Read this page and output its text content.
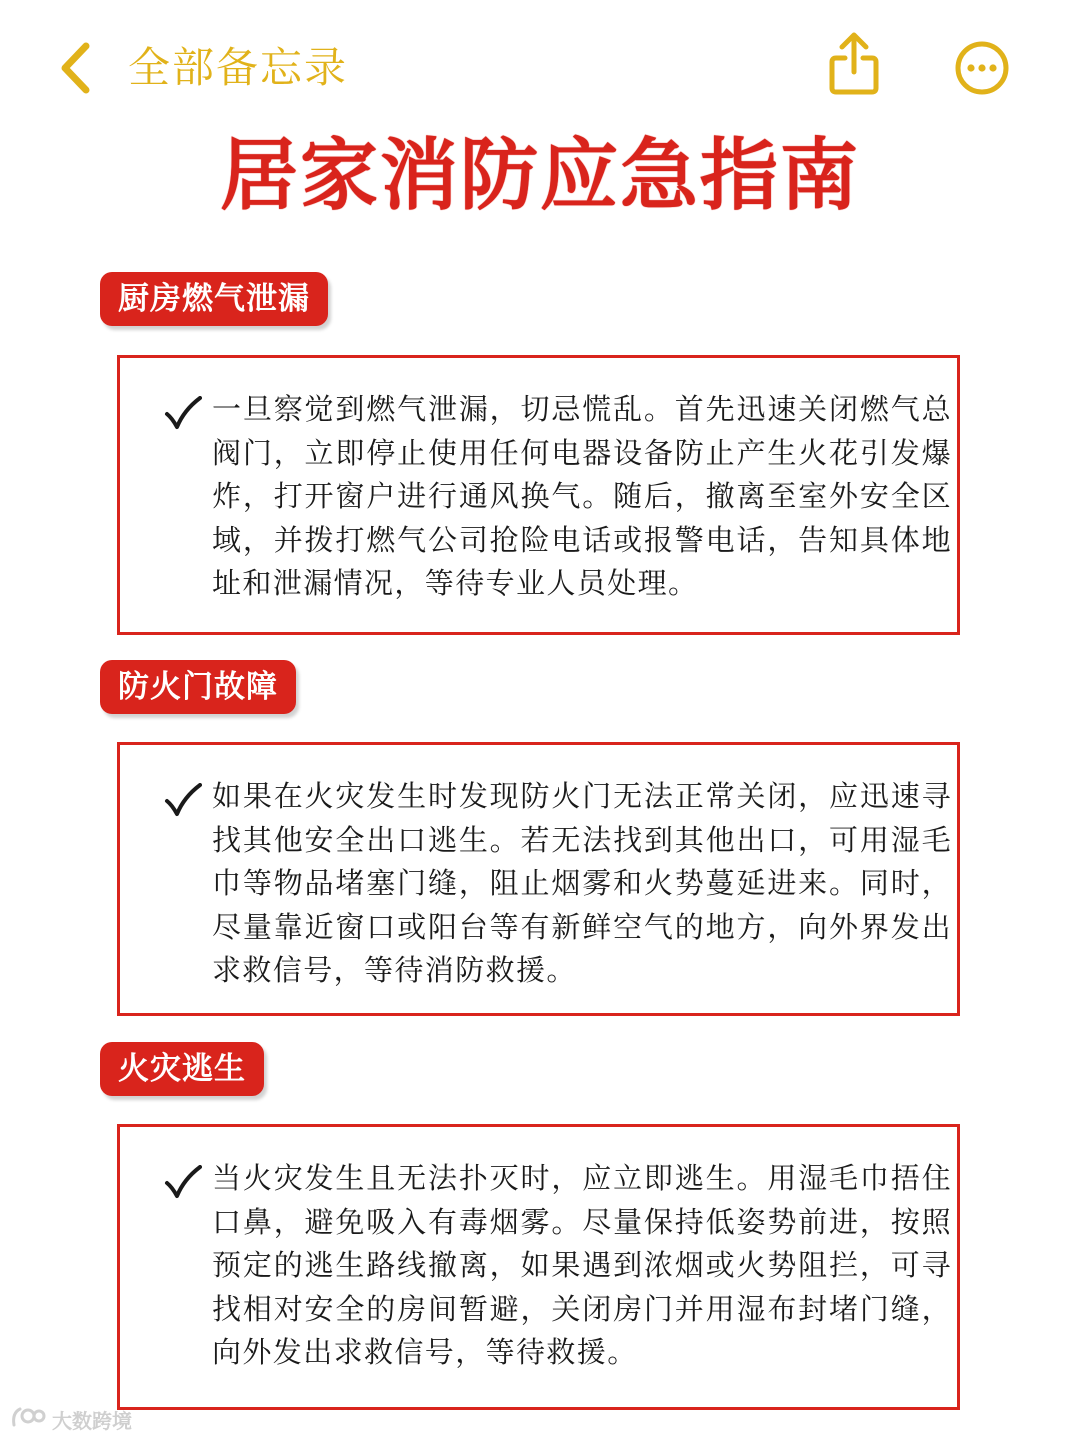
全部备忘录
居家消防应急指南
厨房燃气泄漏
一旦察觉到燃气泄漏，切忌慌乱。首先迅速关闭燃气总阀门，立即停止使用任何电器设备防止产生火花引发爆炸，打开窗户进行通风换气。随后，撤离至室外安全区域，并拨打燃气公司抢险电话或报警电话，告知具体地址和泄漏情况，等待专业人员处理。
防火门故障
如果在火灾发生时发现防火门无法正常关闭，应迅速寻找其他安全出口逃生。若无法找到其他出口，可用湿毛巾等物品堵塞门缝，阻止烟雾和火势蔓延进来。同时，尽量靠近窗口或阳台等有新鲜空气的地方，向外界发出求救信号，等待消防救援。
火灾逃生
当火灾发生且无法扑灭时，应立即逃生。用湿毛巾捂住口鼻，避免吸入有毒烟雾。尽量保持低姿势前进，按照预定的逃生路线撤离，如果遇到浓烟或火势阻拦，可寻找相对安全的房间暂避，关闭房门并用湿布封堵门缝，向外发出求救信号，等待救援。
大数跨境
